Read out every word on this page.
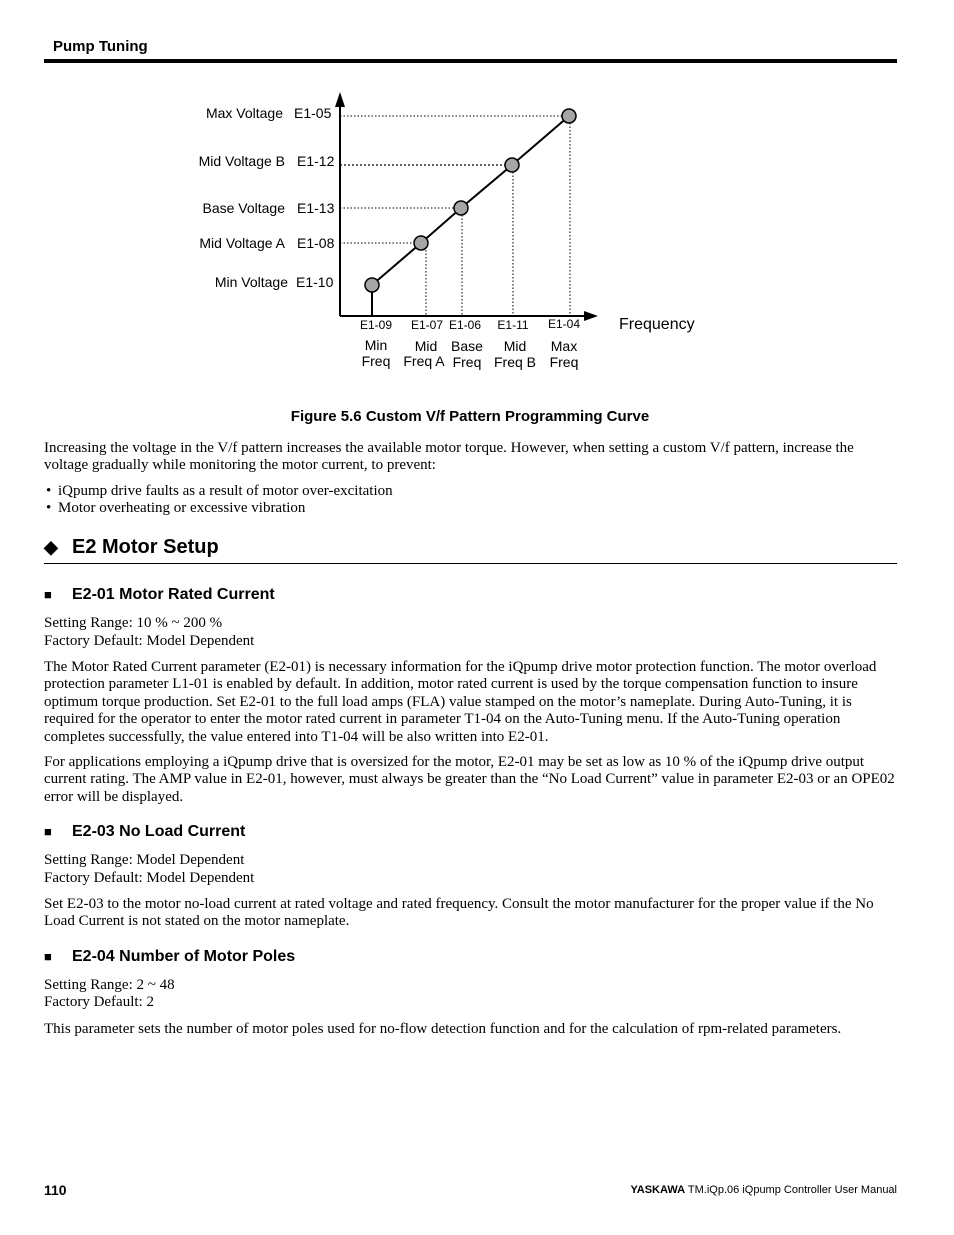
Pump Tuning
Max Voltage E1-05
Mid Voltage B E1-12
Base Voltage E1-13
Mid Voltage A E1-08
Min Voltage E1-10
E1-09
Min
Freq
E1-07
Mid
Freq A
E1-06
Base
Freq
E1-11
Mid
Freq B
E1-04
Max
Freq
Frequency
Figure 5.6 Custom V/f Pattern Programming Curve

Increasing the voltage in the V/f pattern increases the available motor torque. However, when setting a custom V/f pattern, increase the voltage gradually while monitoring the motor current, to prevent:

• iQpump drive faults as a result of motor over-excitation
• Motor overheating or excessive vibration
◆ E2 Motor Setup
■ E2-01 Motor Rated Current

Setting Range: 10 % ~ 200 %

Factory Default: Model Dependent

The Motor Rated Current parameter (E2-01) is necessary information for the iQpump drive motor protection function. The motor overload protection parameter L1-01 is enabled by default. In addition, motor rated current is used by the torque compensation function to insure optimum torque production. Set E2-01 to the full load amps (FLA) value stamped on the motor’s nameplate. During Auto-Tuning, it is required for the operator to enter the motor rated current in parameter T1-04 on the Auto-Tuning menu. If the Auto-Tuning operation completes successfully, the value entered into T1-04 will be also written into E2-01.

For applications employing a iQpump drive that is oversized for the motor, E2-01 may be set as low as 10 % of the iQpump drive output current rating. The AMP value in E2-01, however, must always be greater than the “No Load Current” value in parameter E2-03 or an OPE02 error will be displayed.

■ E2-03 No Load Current

Setting Range: Model Dependent

Factory Default: Model Dependent

Set E2-03 to the motor no-load current at rated voltage and rated frequency. Consult the motor manufacturer for the proper value if the No Load Current is not stated on the motor nameplate.

■ E2-04 Number of Motor Poles

Setting Range: 2 ~ 48

Factory Default: 2

This parameter sets the number of motor poles used for no-flow detection function and for the calculation of rpm-related parameters.

110	YASKAWA TM.iQp.06 iQpump Controller User Manual
